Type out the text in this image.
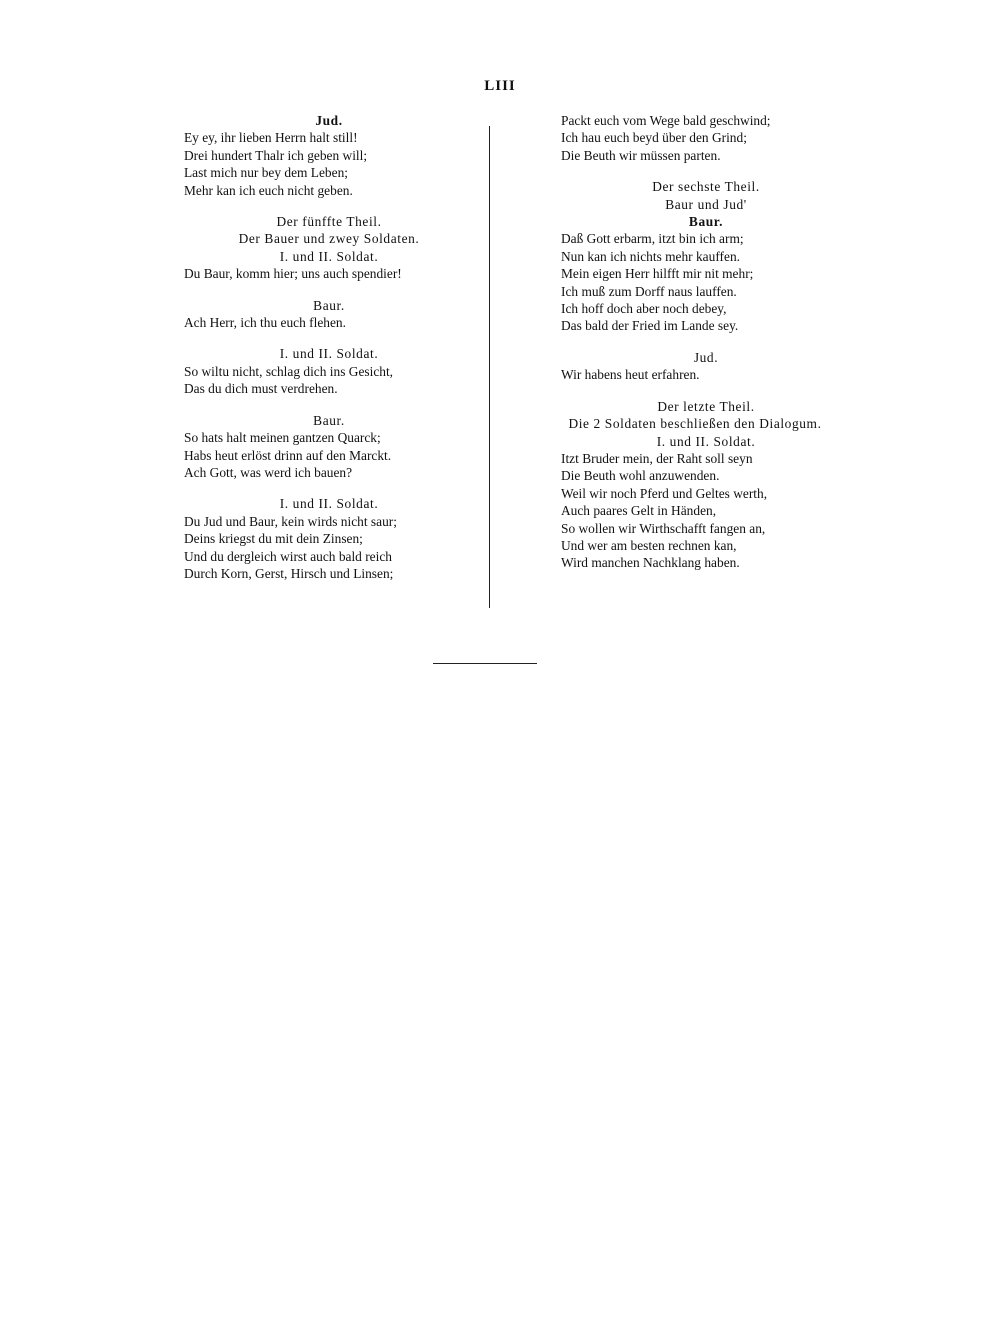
LIII
Jud.
Ey ey, ihr lieben Herrn halt still!
Drei hundert Thalr ich geben will;
Last mich nur bey dem Leben;
Mehr kan ich euch nicht geben.
Der fünffte Theil.
Der Bauer und zwey Soldaten.
I. und II. Soldat.
Du Baur, komm hier; uns auch spendier!
Baur.
Ach Herr, ich thu euch flehen.
I. und II. Soldat.
So wiltu nicht, schlag dich ins Gesicht,
Das du dich must verdrehen.
Baur.
So hats halt meinen gantzen Quarck;
Habs heut erlöst drinn auf den Marckt.
Ach Gott, was werd ich bauen?
I. und II. Soldat.
Du Jud und Baur, kein wirds nicht saur;
Deins kriegst du mit dein Zinsen;
Und du dergleich wirst auch bald reich
Durch Korn, Gerst, Hirsch und Linsen;
Packt euch vom Wege bald geschwind;
Ich hau euch beyd über den Grind;
Die Beuth wir müssen parten.
Der sechste Theil.
Baur und Jud'
Baur.
Daß Gott erbarm, itzt bin ich arm;
Nun kan ich nichts mehr kauffen.
Mein eigen Herr hilfft mir nit mehr;
Ich muß zum Dorff naus lauffen.
Ich hoff doch aber noch debey,
Das bald der Fried im Lande sey.
Jud.
Wir habens heut erfahren.
Der letzte Theil.
Die 2 Soldaten beschließen den Dialogum.
I. und II. Soldat.
Itzt Bruder mein, der Raht soll seyn
Die Beuth wohl anzuwenden.
Weil wir noch Pferd und Geltes werth,
Auch paares Gelt in Händen,
So wollen wir Wirthschafft fangen an,
Und wer am besten rechnen kan,
Wird manchen Nachklang haben.
